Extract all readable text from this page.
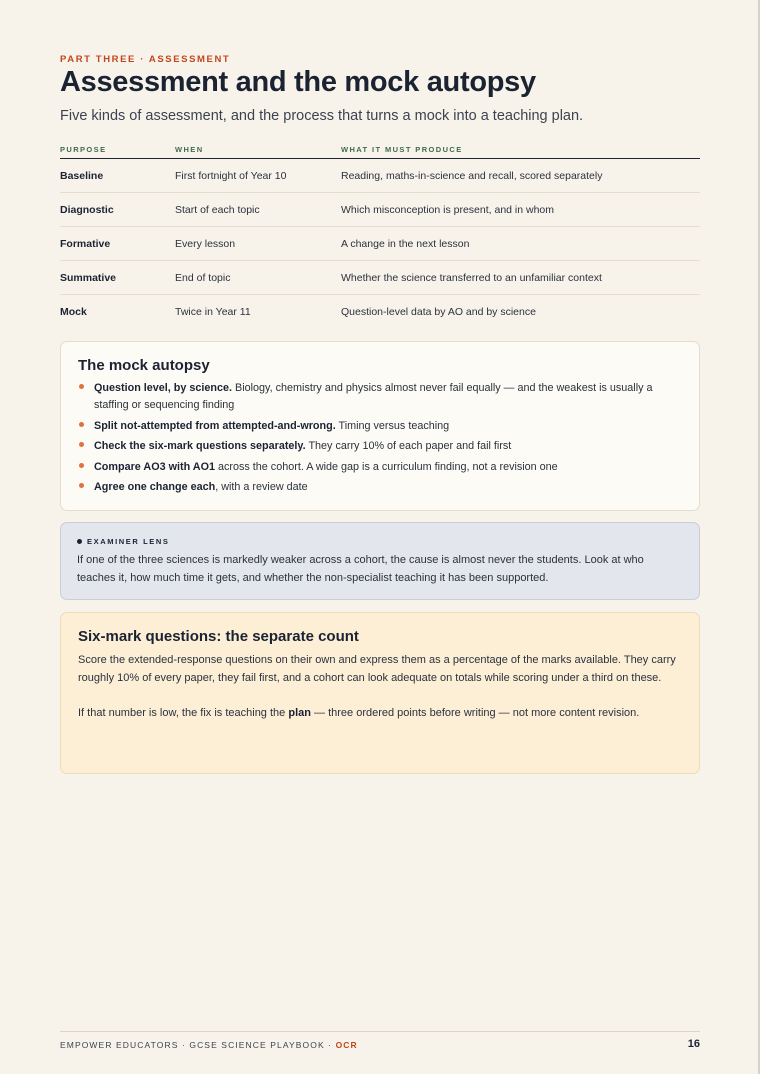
PART THREE · ASSESSMENT
Assessment and the mock autopsy
Five kinds of assessment, and the process that turns a mock into a teaching plan.
PURPOSE	WHEN	WHAT IT MUST PRODUCE
Baseline	First fortnight of Year 10	Reading, maths-in-science and recall, scored separately
Diagnostic	Start of each topic	Which misconception is present, and in whom
Formative	Every lesson	A change in the next lesson
Summative	End of topic	Whether the science transferred to an unfamiliar context
Mock	Twice in Year 11	Question-level data by AO and by science
The mock autopsy
Question level, by science. Biology, chemistry and physics almost never fail equally — and the weakest is usually a staffing or sequencing finding
Split not-attempted from attempted-and-wrong. Timing versus teaching
Check the six-mark questions separately. They carry 10% of each paper and fail first
Compare AO3 with AO1 across the cohort. A wide gap is a curriculum finding, not a revision one
Agree one change each, with a review date
EXAMINER LENS
If one of the three sciences is markedly weaker across a cohort, the cause is almost never the students. Look at who teaches it, how much time it gets, and whether the non-specialist teaching it has been supported.
Six-mark questions: the separate count

Score the extended-response questions on their own and express them as a percentage of the marks available. They carry roughly 10% of every paper, they fail first, and a cohort can look adequate on totals while scoring under a third on these.

If that number is low, the fix is teaching the plan — three ordered points before writing — not more content revision.

EMPOWER EDUCATORS · GCSE SCIENCE PLAYBOOK · OCR	16
